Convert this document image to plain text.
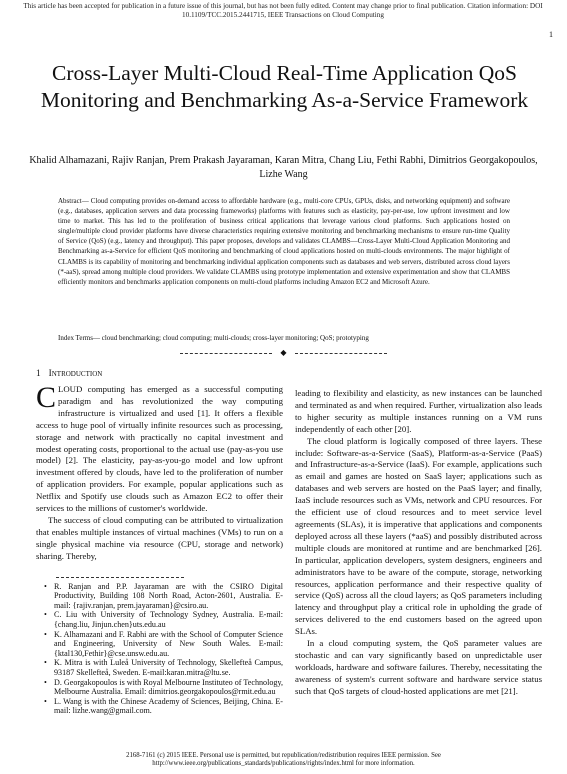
This article has been accepted for publication in a future issue of this journal, but has not been fully edited. Content may change prior to final publication. Citation information: DOI 10.1109/TCC.2015.2441715, IEEE Transactions on Cloud Computing
1
Cross-Layer Multi-Cloud Real-Time Application QoS Monitoring and Benchmarking As-a-Service Framework
Khalid Alhamazani, Rajiv Ranjan, Prem Prakash Jayaraman, Karan Mitra, Chang Liu, Fethi Rabhi, Dimitrios Georgakopoulos, Lizhe Wang

Abstract— Cloud computing provides on-demand access to affordable hardware (e.g., multi-core CPUs, GPUs, disks, and networking equipment) and software (e.g., databases, application servers and data processing frameworks) platforms with features such as elasticity, pay-per-use, low upfront investment and low time to market. This has led to the proliferation of business critical applications that leverage various cloud platforms. Such applications hosted on single/multiple cloud provider platforms have diverse characteristics requiring extensive monitoring and benchmarking mechanisms to ensure run-time Quality of Service (QoS) (e.g., latency and throughput). This paper proposes, develops and validates CLAMBS—Cross-Layer Multi-Cloud Application Monitoring and Benchmarking as-a-Service for efficient QoS monitoring and benchmarking of cloud applications hosted on multi-clouds environments. The major highlight of CLAMBS is its capability of monitoring and benchmarking individual application components such as databases and web servers, distributed across cloud layers (*-aaS), spread among multiple cloud providers. We validate CLAMBS using prototype implementation and extensive experimentation and show that CLAMBS efficiently monitors and benchmarks application components on multi-cloud platforms including Amazon EC2 and Microsoft Azure.

Index Terms— cloud benchmarking; cloud computing; multi-clouds; cross-layer monitoring; QoS; prototyping

◆
1 Introduction

CLOUD computing has emerged as a successful computing paradigm and has revolutionized the way computing infrastructure is virtualized and used [1]. It offers a flexible access to huge pool of virtually infinite resources such as processing, storage and network with practically no capital investment and modest operating costs, proportional to the actual use (pay-as-you use model) [2]. The elasticity, pay-as-you-go model and low upfront investment offered by clouds, have led to the proliferation of number of application providers. For example, popular applications such as Netflix and Spotify use clouds such as Amazon EC2 to offer their services to the millions of customer's worldwide.

The success of cloud computing can be attributed to virtualization that enables multiple instances of virtual machines (VMs) to run on a single physical machine via resource (CPU, storage and network) sharing. Thereby,

• R. Ranjan and P.P. Jayaraman are with the CSIRO Digital Productivity, Building 108 North Road, Acton-2601, Australia. E-mail: {rajiv.ranjan, prem.jayaraman}@csiro.au.
• C. Liu with University of Technology Sydney, Australia. E-mail: {chang.liu, Jinjun.chen}uts.edu.au
• K. Alhamazani and F. Rabhi are with the School of Computer Science and Engineering, University of New South Wales. E-mail: {ktal130,Fethir}@cse.unsw.edu.au.
• K. Mitra is with Luleå University of Technology, Skellefteå Campus, 93187 Skellefteå, Sweden. E-mail:karan.mitra@ltu.se.
• D. Georgakopoulos is with Royal Melbourne Instituteo of Technology, Melbourne Australia. Email: dimitrios.georgakopoulos@rmit.edu.au
• L. Wang is with the Chinese Academy of Sciences, Beijing, China. E-mail: lizhe.wang@gmail.com.

leading to flexibility and elasticity, as new instances can be launched and terminated as and when required. Further, virtualization also leads to higher security as multiple instances running on a VM runs independently of each other [20].

The cloud platform is logically composed of three layers. These include: Software-as-a-Service (SaaS), Platform-as-a-Service (PaaS) and Infrastructure-as-a-Service (IaaS). For example, applications such as email and games are hosted on SaaS layer; applications such as databases and web servers are hosted on the PaaS layer; and finally, IaaS include resources such as VMs, network and CPU resources. For the efficient use of cloud resources and to meet service level agreements (SLAs), it is imperative that applications and components deployed across all these layers (*aaS) and possibly distributed across multiple clouds are monitored at runtime and are benchmarked [26]. In particular, application developers, system designers, engineers and administrators have to be aware of the compute, storage, networking resources, application performance and their respective quality of service (QoS) across all the cloud layers; as QoS parameters including latency and throughput play a critical role in upholding the grade of services delivered to the end customers based on the agreed upon SLAs.

In a cloud computing system, the QoS parameter values are stochastic and can vary significantly based on unpredictable user workloads, hardware and software failures. Thereby, necessitating the awareness of system's current software and hardware service status such that QoS targets of cloud-hosted applications are met [21].

2168-7161 (c) 2015 IEEE. Personal use is permitted, but republication/redistribution requires IEEE permission. See http://www.ieee.org/publications_standards/publications/rights/index.html for more information.
